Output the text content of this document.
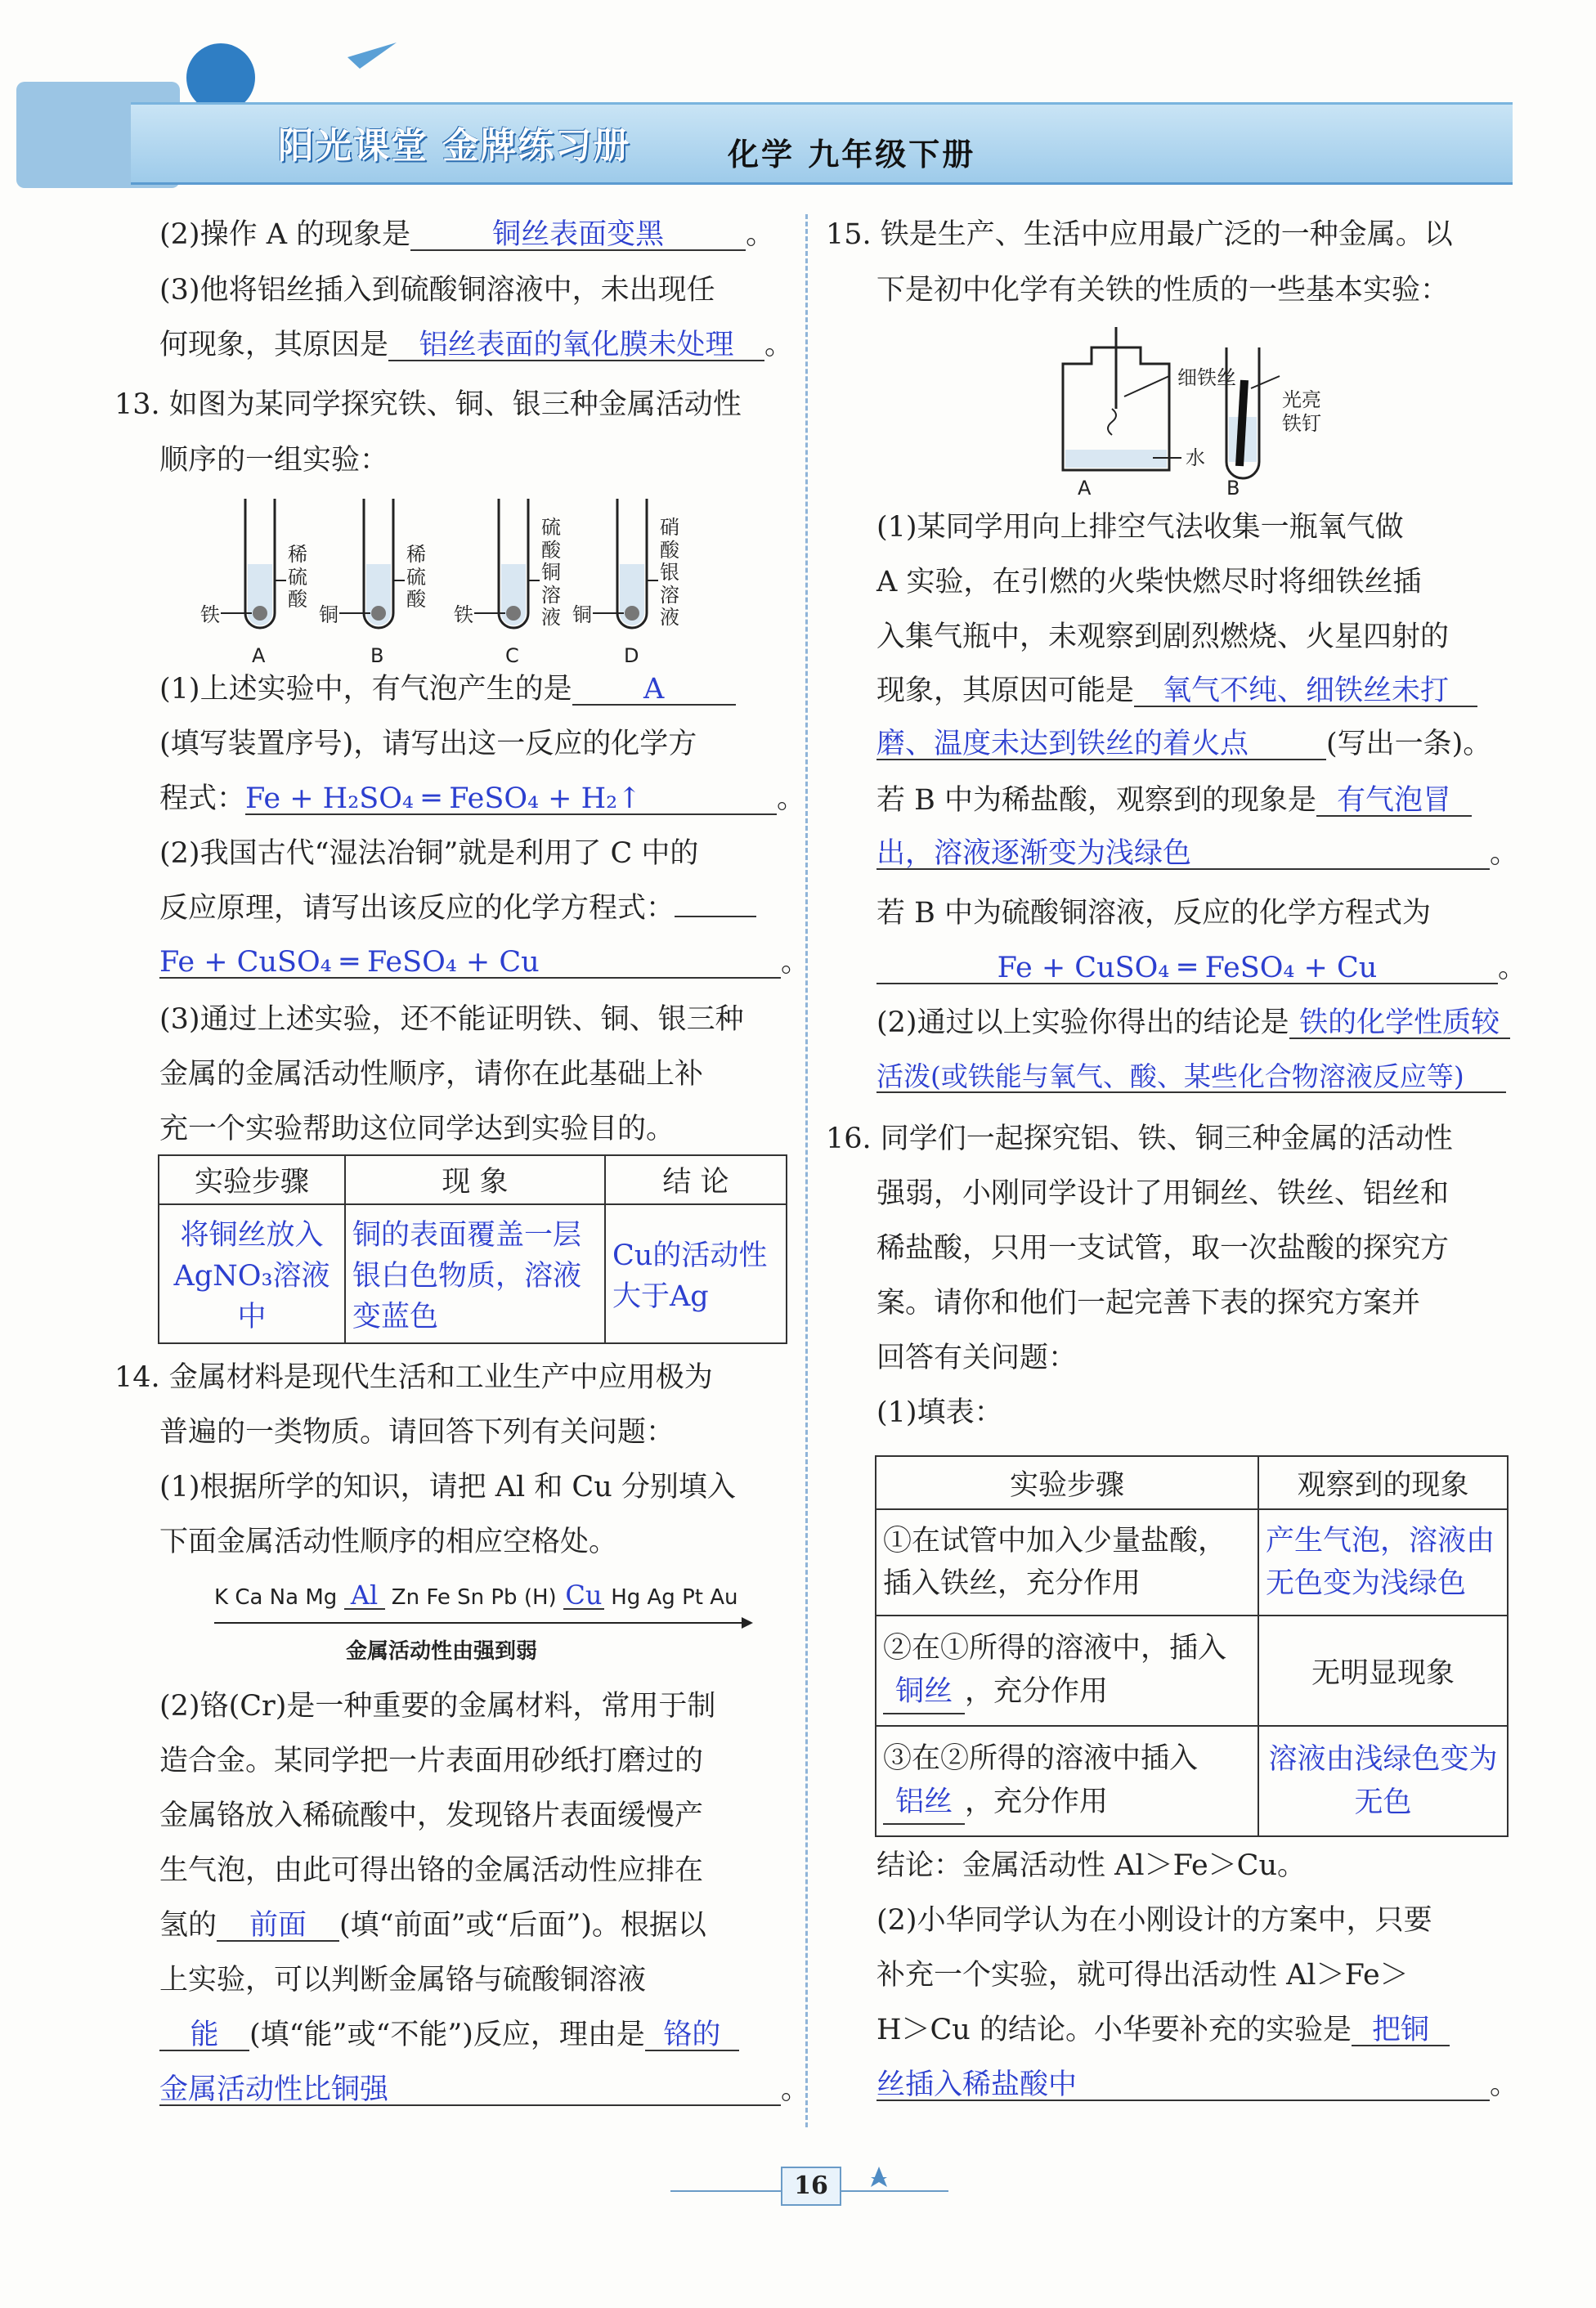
阳光课堂 金牌练习册	化学 九年级下册
(2)操作 A 的现象是	铜丝表面变黑	。
(3)他将铝丝插入到硫酸铜溶液中，未出现任
何现象，其原因是 铝丝表面的氧化膜未处理 。
13. 如图为某同学探究铁、铜、银三种金属活动性
顺序的一组实验：
铁
稀硫酸
A
铜
稀硫酸
B
铁
硫酸铜溶液
C
铜
硝酸银溶液
D
(1)上述实验中，有气泡产生的是 A
(填写装置序号)，请写出这一反应的化学方
程式：Fe + H₂SO₄ ═ FeSO₄ + H₂↑	。
(2)我国古代“湿法冶铜”就是利用了 C 中的
反应原理，请写出该反应的化学方程式：
Fe + CuSO₄ ═ FeSO₄ + Cu	。
(3)通过上述实验，还不能证明铁、铜、银三种
金属的金属活动性顺序，请你在此基础上补
充一个实验帮助这位同学达到实验目的。
实验步骤	现 象	结 论
将铜丝放入AgNO₃溶液中	铜的表面覆盖一层银白色物质，溶液变蓝色	Cu的活动性大于Ag
14. 金属材料是现代生活和工业生产中应用极为
普遍的一类物质。请回答下列有关问题：
(1)根据所学的知识，请把 Al 和 Cu 分别填入
下面金属活动性顺序的相应空格处。
K Ca Na Mg Al Zn Fe Sn Pb (H) Cu Hg Ag Pt Au
金属活动性由强到弱
(2)铬(Cr)是一种重要的金属材料，常用于制
造合金。某同学把一片表面用砂纸打磨过的
金属铬放入稀硫酸中，发现铬片表面缓慢产
生气泡，由此可得出铬的金属活动性应排在
氢的 前面 (填“前面”或“后面”)。根据以
上实验，可以判断金属铬与硫酸铜溶液
能 (填“能”或“不能”)反应，理由是 铬的
金属活动性比铜强	。
15. 铁是生产、生活中应用最广泛的一种金属。以
下是初中化学有关铁的性质的一些基本实验：
细铁丝
水
A
光亮铁钉
B
(1)某同学用向上排空气法收集一瓶氧气做
A 实验，在引燃的火柴快燃尽时将细铁丝插
入集气瓶中，未观察到剧烈燃烧、火星四射的
现象，其原因可能是 氧气不纯、细铁丝未打
磨、温度未达到铁丝的着火点	(写出一条)。
若 B 中为稀盐酸，观察到的现象是 有气泡冒
出，溶液逐渐变为浅绿色	。
若 B 中为硫酸铜溶液，反应的化学方程式为
Fe + CuSO₄ ═ FeSO₄ + Cu	。
(2)通过以上实验你得出的结论是 铁的化学性质较
活泼(或铁能与氧气、酸、某些化合物溶液反应等)
16. 同学们一起探究铝、铁、铜三种金属的活动性
强弱，小刚同学设计了用铜丝、铁丝、铝丝和
稀盐酸，只用一支试管，取一次盐酸的探究方
案。请你和他们一起完善下表的探究方案并
回答有关问题：
(1)填表：
实验步骤	观察到的现象
①在试管中加入少量盐酸，插入铁丝，充分作用	产生气泡，溶液由无色变为浅绿色
②在①所得的溶液中，插入铜丝 ，充分作用	无明显现象
③在②所得的溶液中插入
铝丝 ，充分作用	溶液由浅绿色变为无色
结论：金属活动性 Al＞Fe＞Cu。
(2)小华同学认为在小刚设计的方案中，只要
补充一个实验，就可得出活动性 Al＞Fe＞
H＞Cu 的结论。小华要补充的实验是 把铜
丝插入稀盐酸中	。
16
